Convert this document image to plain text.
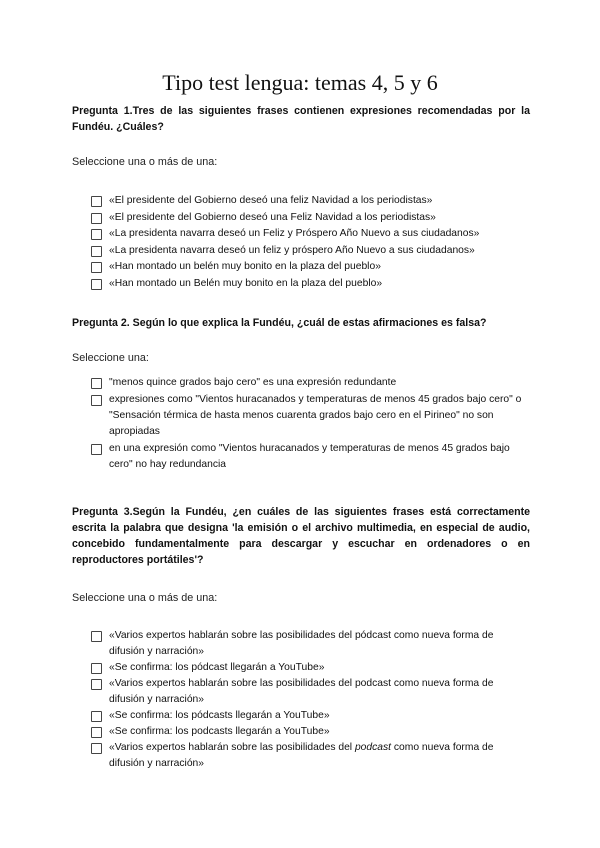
Tipo test lengua: temas 4, 5 y 6
Pregunta 1.Tres de las siguientes frases contienen expresiones recomendadas por la Fundéu. ¿Cuáles?
Seleccione una o más de una:
«El presidente del Gobierno deseó una feliz Navidad a los periodistas»
«El presidente del Gobierno deseó una Feliz Navidad a los periodistas»
«La presidenta navarra deseó un Feliz y Próspero Año Nuevo a sus ciudadanos»
«La presidenta navarra deseó un feliz y próspero Año Nuevo a sus ciudadanos»
«Han montado un belén muy bonito en la plaza del pueblo»
«Han montado un Belén muy bonito en la plaza del pueblo»
Pregunta 2. Según lo que explica la Fundéu, ¿cuál de estas afirmaciones es falsa?
Seleccione una:
"menos quince grados bajo cero" es una expresión redundante
expresiones como "Vientos huracanados y temperaturas de menos 45 grados bajo cero" o "Sensación térmica de hasta menos cuarenta grados bajo cero en el Pirineo" no son apropiadas
en una expresión como "Vientos huracanados y temperaturas de menos 45 grados bajo cero" no hay redundancia
Pregunta 3.Según la Fundéu, ¿en cuáles de las siguientes frases está correctamente escrita la palabra que designa 'la emisión o el archivo multimedia, en especial de audio, concebido fundamentalmente para descargar y escuchar en ordenadores o en reproductores portátiles'?
Seleccione una o más de una:
«Varios expertos hablarán sobre las posibilidades del pódcast como nueva forma de difusión y narración»
«Se confirma: los pódcast llegarán a YouTube»
«Varios expertos hablarán sobre las posibilidades del podcast como nueva forma de difusión y narración»
«Se confirma: los pódcasts llegarán a YouTube»
«Se confirma: los podcasts llegarán a YouTube»
«Varios expertos hablarán sobre las posibilidades del podcast como nueva forma de difusión y narración»
